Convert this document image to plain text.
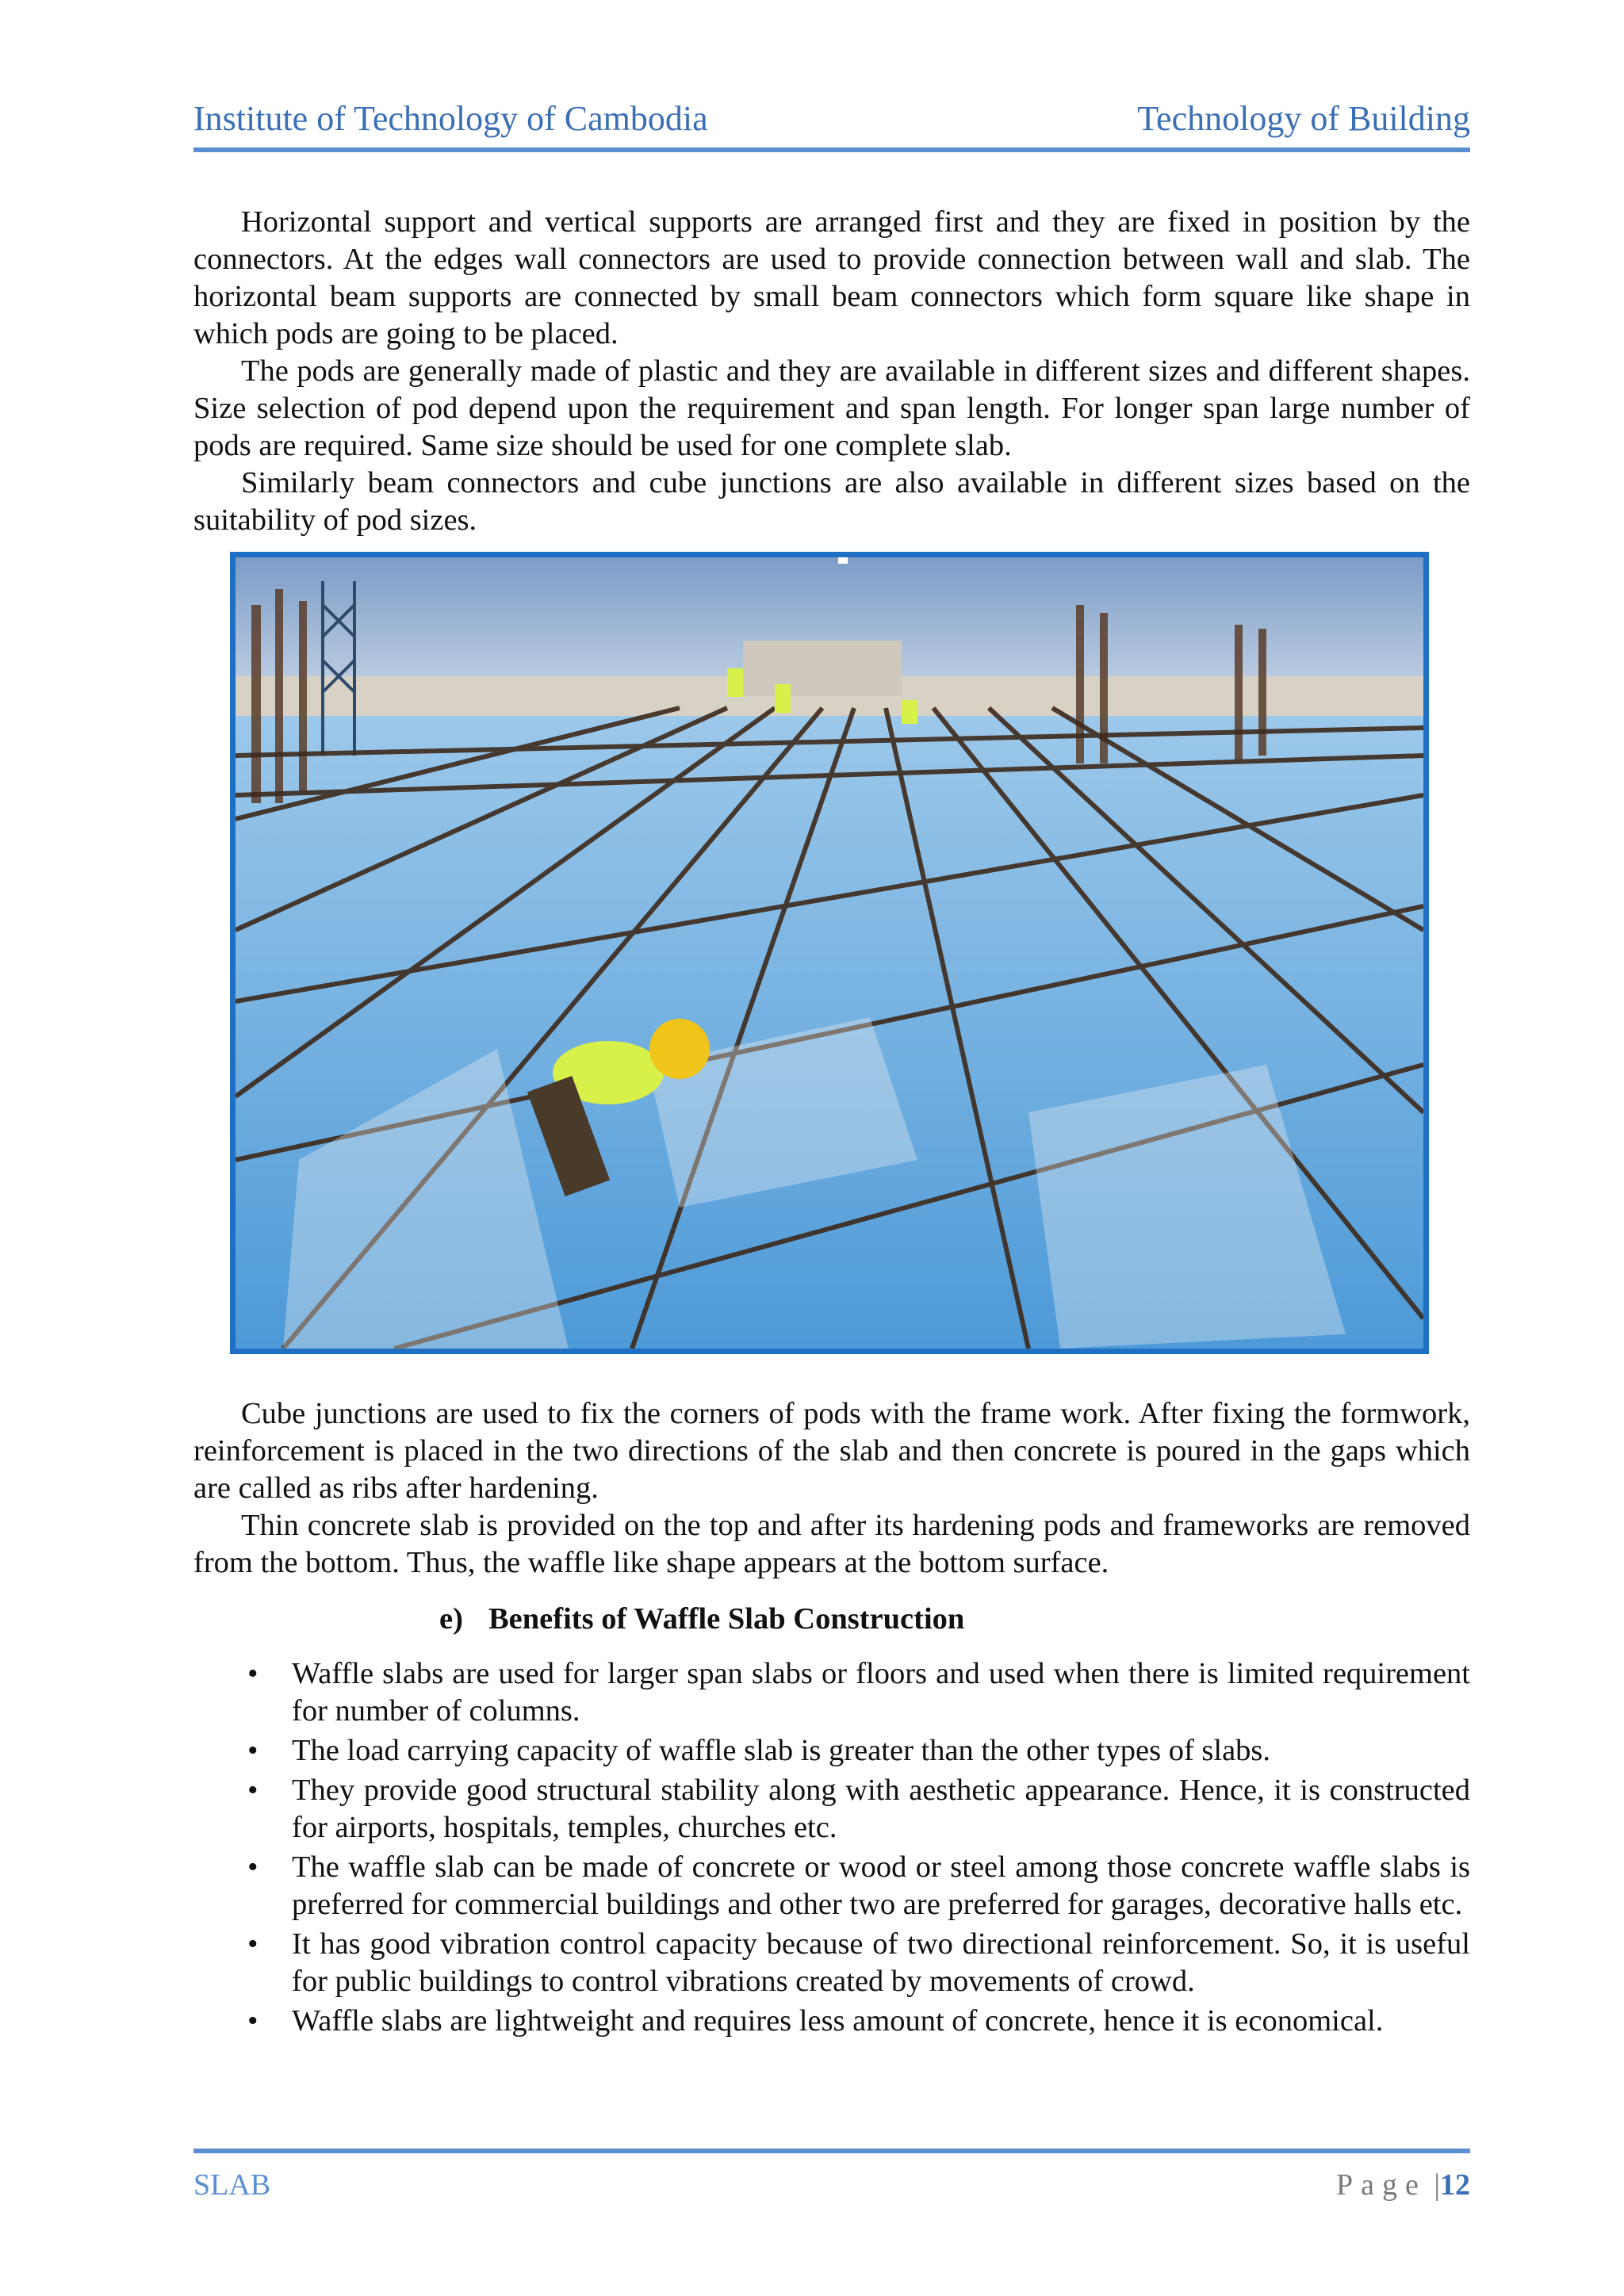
Institute of Technology of Cambodia	Technology of Building

Horizontal support and vertical supports are arranged first and they are fixed in position by the connectors. At the edges wall connectors are used to provide connection between wall and slab. The horizontal beam supports are connected by small beam connectors which form square like shape in which pods are going to be placed.

The pods are generally made of plastic and they are available in different sizes and different shapes. Size selection of pod depend upon the requirement and span length. For longer span large number of pods are required. Same size should be used for one complete slab.

Similarly beam connectors and cube junctions are also available in different sizes based on the suitability of pod sizes.

Cube junctions are used to fix the corners of pods with the frame work. After fixing the formwork, reinforcement is placed in the two directions of the slab and then concrete is poured in the gaps which are called as ribs after hardening.

Thin concrete slab is provided on the top and after its hardening pods and frameworks are removed from the bottom. Thus, the waffle like shape appears at the bottom surface.

e) Benefits of Waffle Slab Construction
• Waffle slabs are used for larger span slabs or floors and used when there is limited requirement for number of columns.
• The load carrying capacity of waffle slab is greater than the other types of slabs.
• They provide good structural stability along with aesthetic appearance. Hence, it is constructed for airports, hospitals, temples, churches etc.
• The waffle slab can be made of concrete or wood or steel among those concrete waffle slabs is preferred for commercial buildings and other two are preferred for garages, decorative halls etc.
• It has good vibration control capacity because of two directional reinforcement. So, it is useful for public buildings to control vibrations created by movements of crowd.
• Waffle slabs are lightweight and requires less amount of concrete, hence it is economical.
SLAB	Page |12
